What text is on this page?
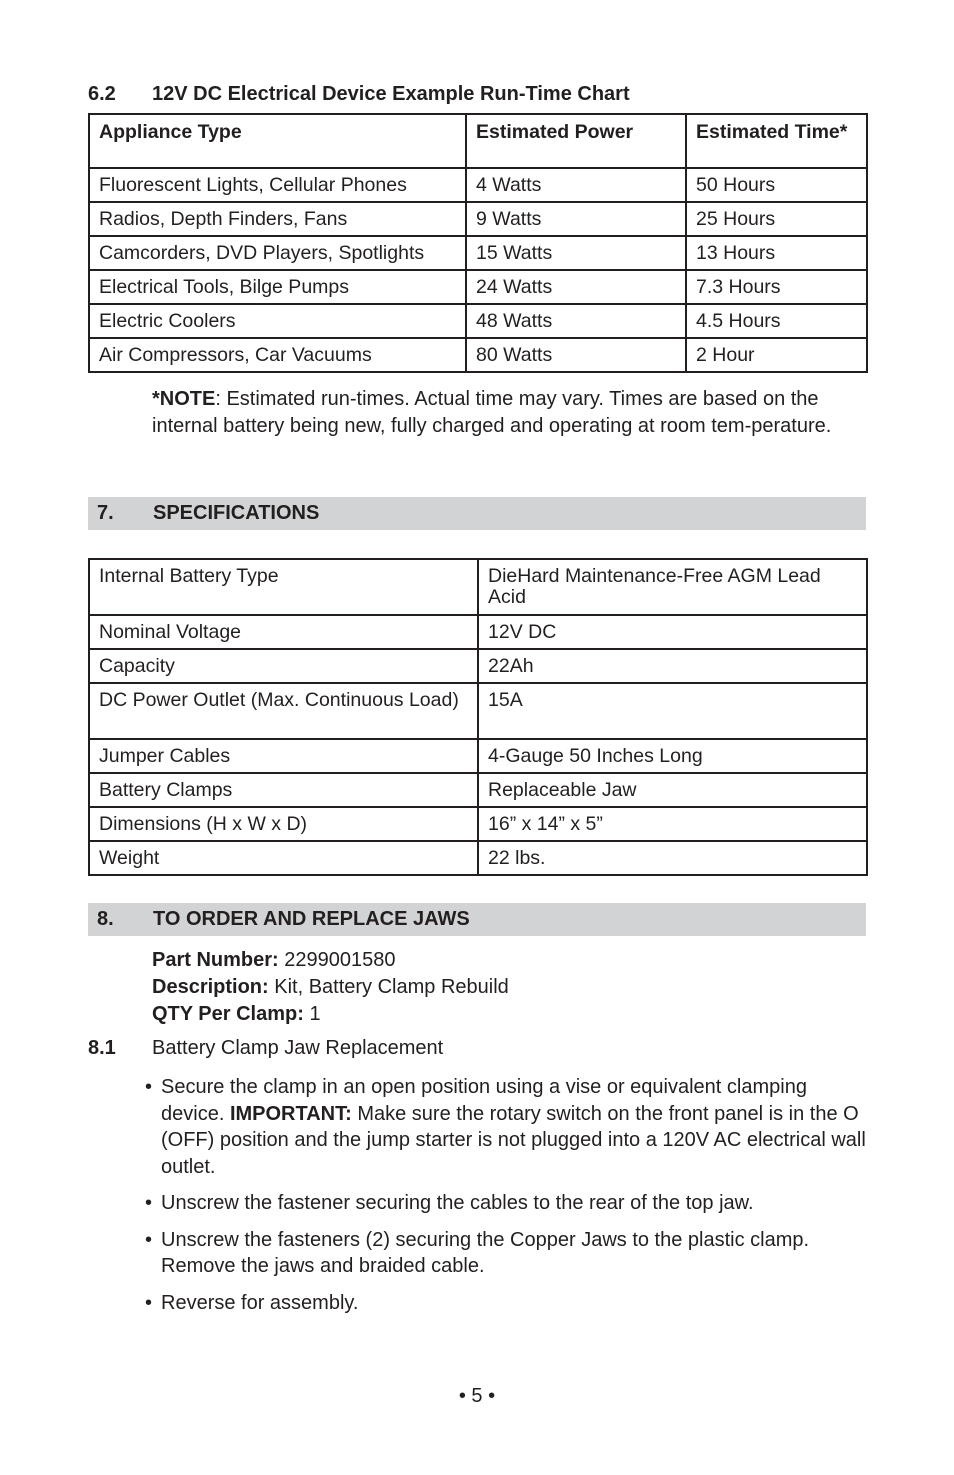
6.2 12V DC Electrical Device Example Run-Time Chart
Appliance Type	Estimated Power	Estimated Time*
Fluorescent Lights, Cellular Phones	4 Watts	50 Hours
Radios, Depth Finders, Fans	9 Watts	25 Hours
Camcorders, DVD Players, Spotlights	15 Watts	13 Hours
Electrical Tools, Bilge Pumps	24 Watts	7.3 Hours
Electric Coolers	48 Watts	4.5 Hours
Air Compressors, Car Vacuums	80 Watts	2 Hour
*NOTE: Estimated run-times. Actual time may vary. Times are based on the internal battery being new, fully charged and operating at room tem-perature.
7. SPECIFICATIONS
Internal Battery Type	DieHard Maintenance-Free AGM Lead Acid
Nominal Voltage	12V DC
Capacity	22Ah
DC Power Outlet (Max. Continuous Load)	15A
Jumper Cables	4-Gauge 50 Inches Long
Battery Clamps	Replaceable Jaw
Dimensions (H x W x D)	16” x 14” x 5”
Weight	22 lbs.
8. TO ORDER AND REPLACE JAWS
Part Number: 2299001580
Description: Kit, Battery Clamp Rebuild
QTY Per Clamp: 1
8.1 Battery Clamp Jaw Replacement
• Secure the clamp in an open position using a vise or equivalent clamping device. IMPORTANT: Make sure the rotary switch on the front panel is in the O (OFF) position and the jump starter is not plugged into a 120V AC electrical wall outlet.
• Unscrew the fastener securing the cables to the rear of the top jaw.
• Unscrew the fasteners (2) securing the Copper Jaws to the plastic clamp. Remove the jaws and braided cable.
• Reverse for assembly.
• 5 •
